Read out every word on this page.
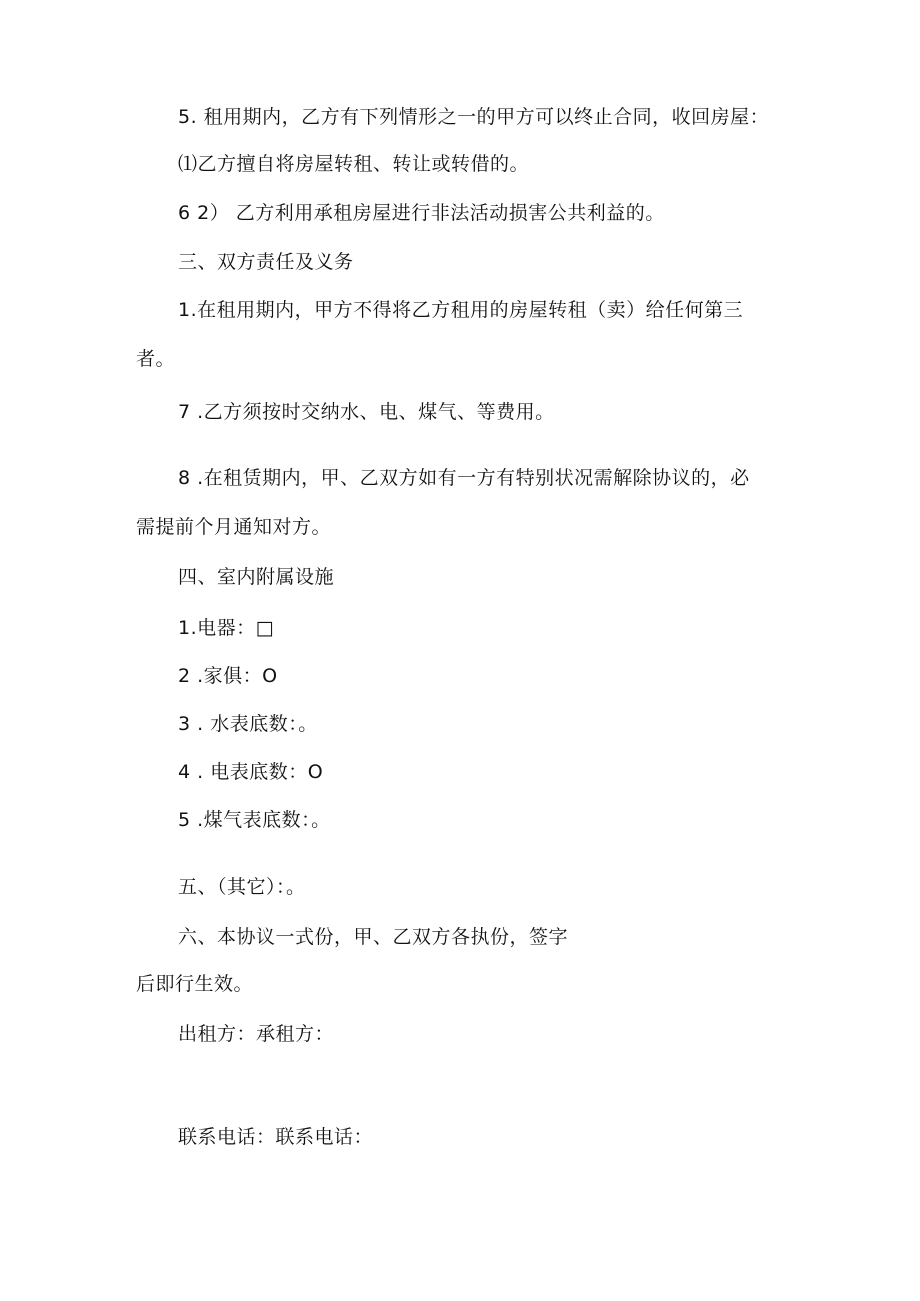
5. 租用期内，乙方有下列情形之一的甲方可以终止合同，收回房屋：
⑴乙方擅自将房屋转租、转让或转借的。
6 2） 乙方利用承租房屋进行非法活动损害公共利益的。
三、双方责任及义务
1.在租用期内，甲方不得将乙方租用的房屋转租（卖）给任何第三
者。
7 .乙方须按时交纳水、电、煤气、等费用。
8 .在租赁期内，甲、乙双方如有一方有特别状况需解除协议的，必
需提前个月通知对方。
四、室内附属设施
1.电器：□
2 .家俱：O
3 . 水表底数：。
4 . 电表底数：O
5 .煤气表底数：。
五、（其它）：。
六、本协议一式份，甲、乙双方各执份，签字
后即行生效。
出租方：承租方：
联系电话：联系电话：
